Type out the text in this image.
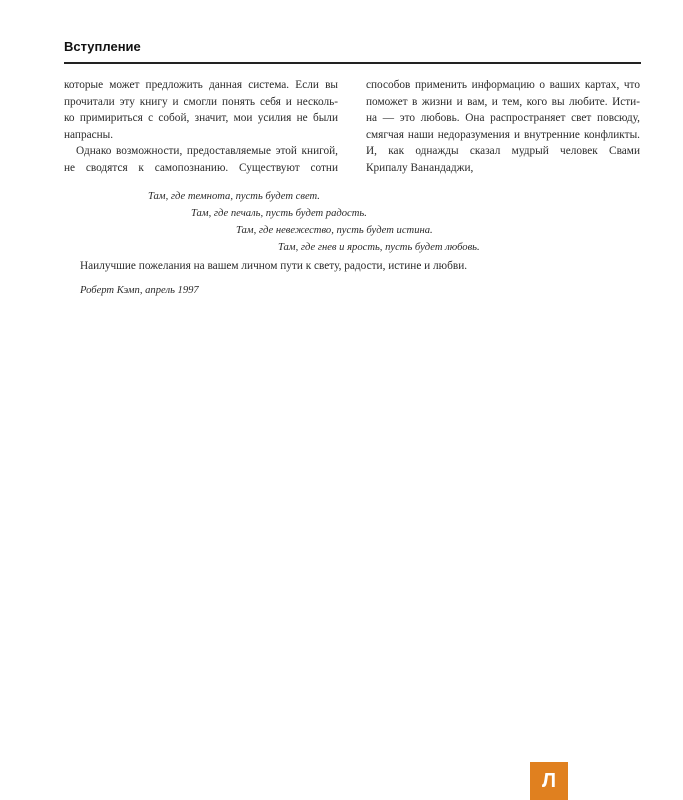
Вступление

которые может предложить данная система. Если вы

прочитали эту книгу и смогли понять себя и несколь-

ко примириться с собой, значит, мои усилия не были

напрасны.

Однако возможности, предоставляемые этой книгой,

не сводятся к самопознанию. Существуют сотни

способов применить информацию о ваших картах, что

поможет в жизни и вам, и тем, кого вы любите. Исти-

на — это любовь. Она распространяет свет повсюду,

смягчая наши недоразумения и внутренние конфликты.

И, как однажды сказал мудрый человек Свами

Крипалу Ванандаджи,

Там, где темнота, пусть будет свет.
Там, где печаль, пусть будет радость.
Там, где невежество, пусть будет истина.
Там, где гнев и ярость, пусть будет любовь.
Наилучшие пожелания на вашем личном пути к свету, радости, истине и любви.
Роберт Кэмп, апрель 1997
Л
